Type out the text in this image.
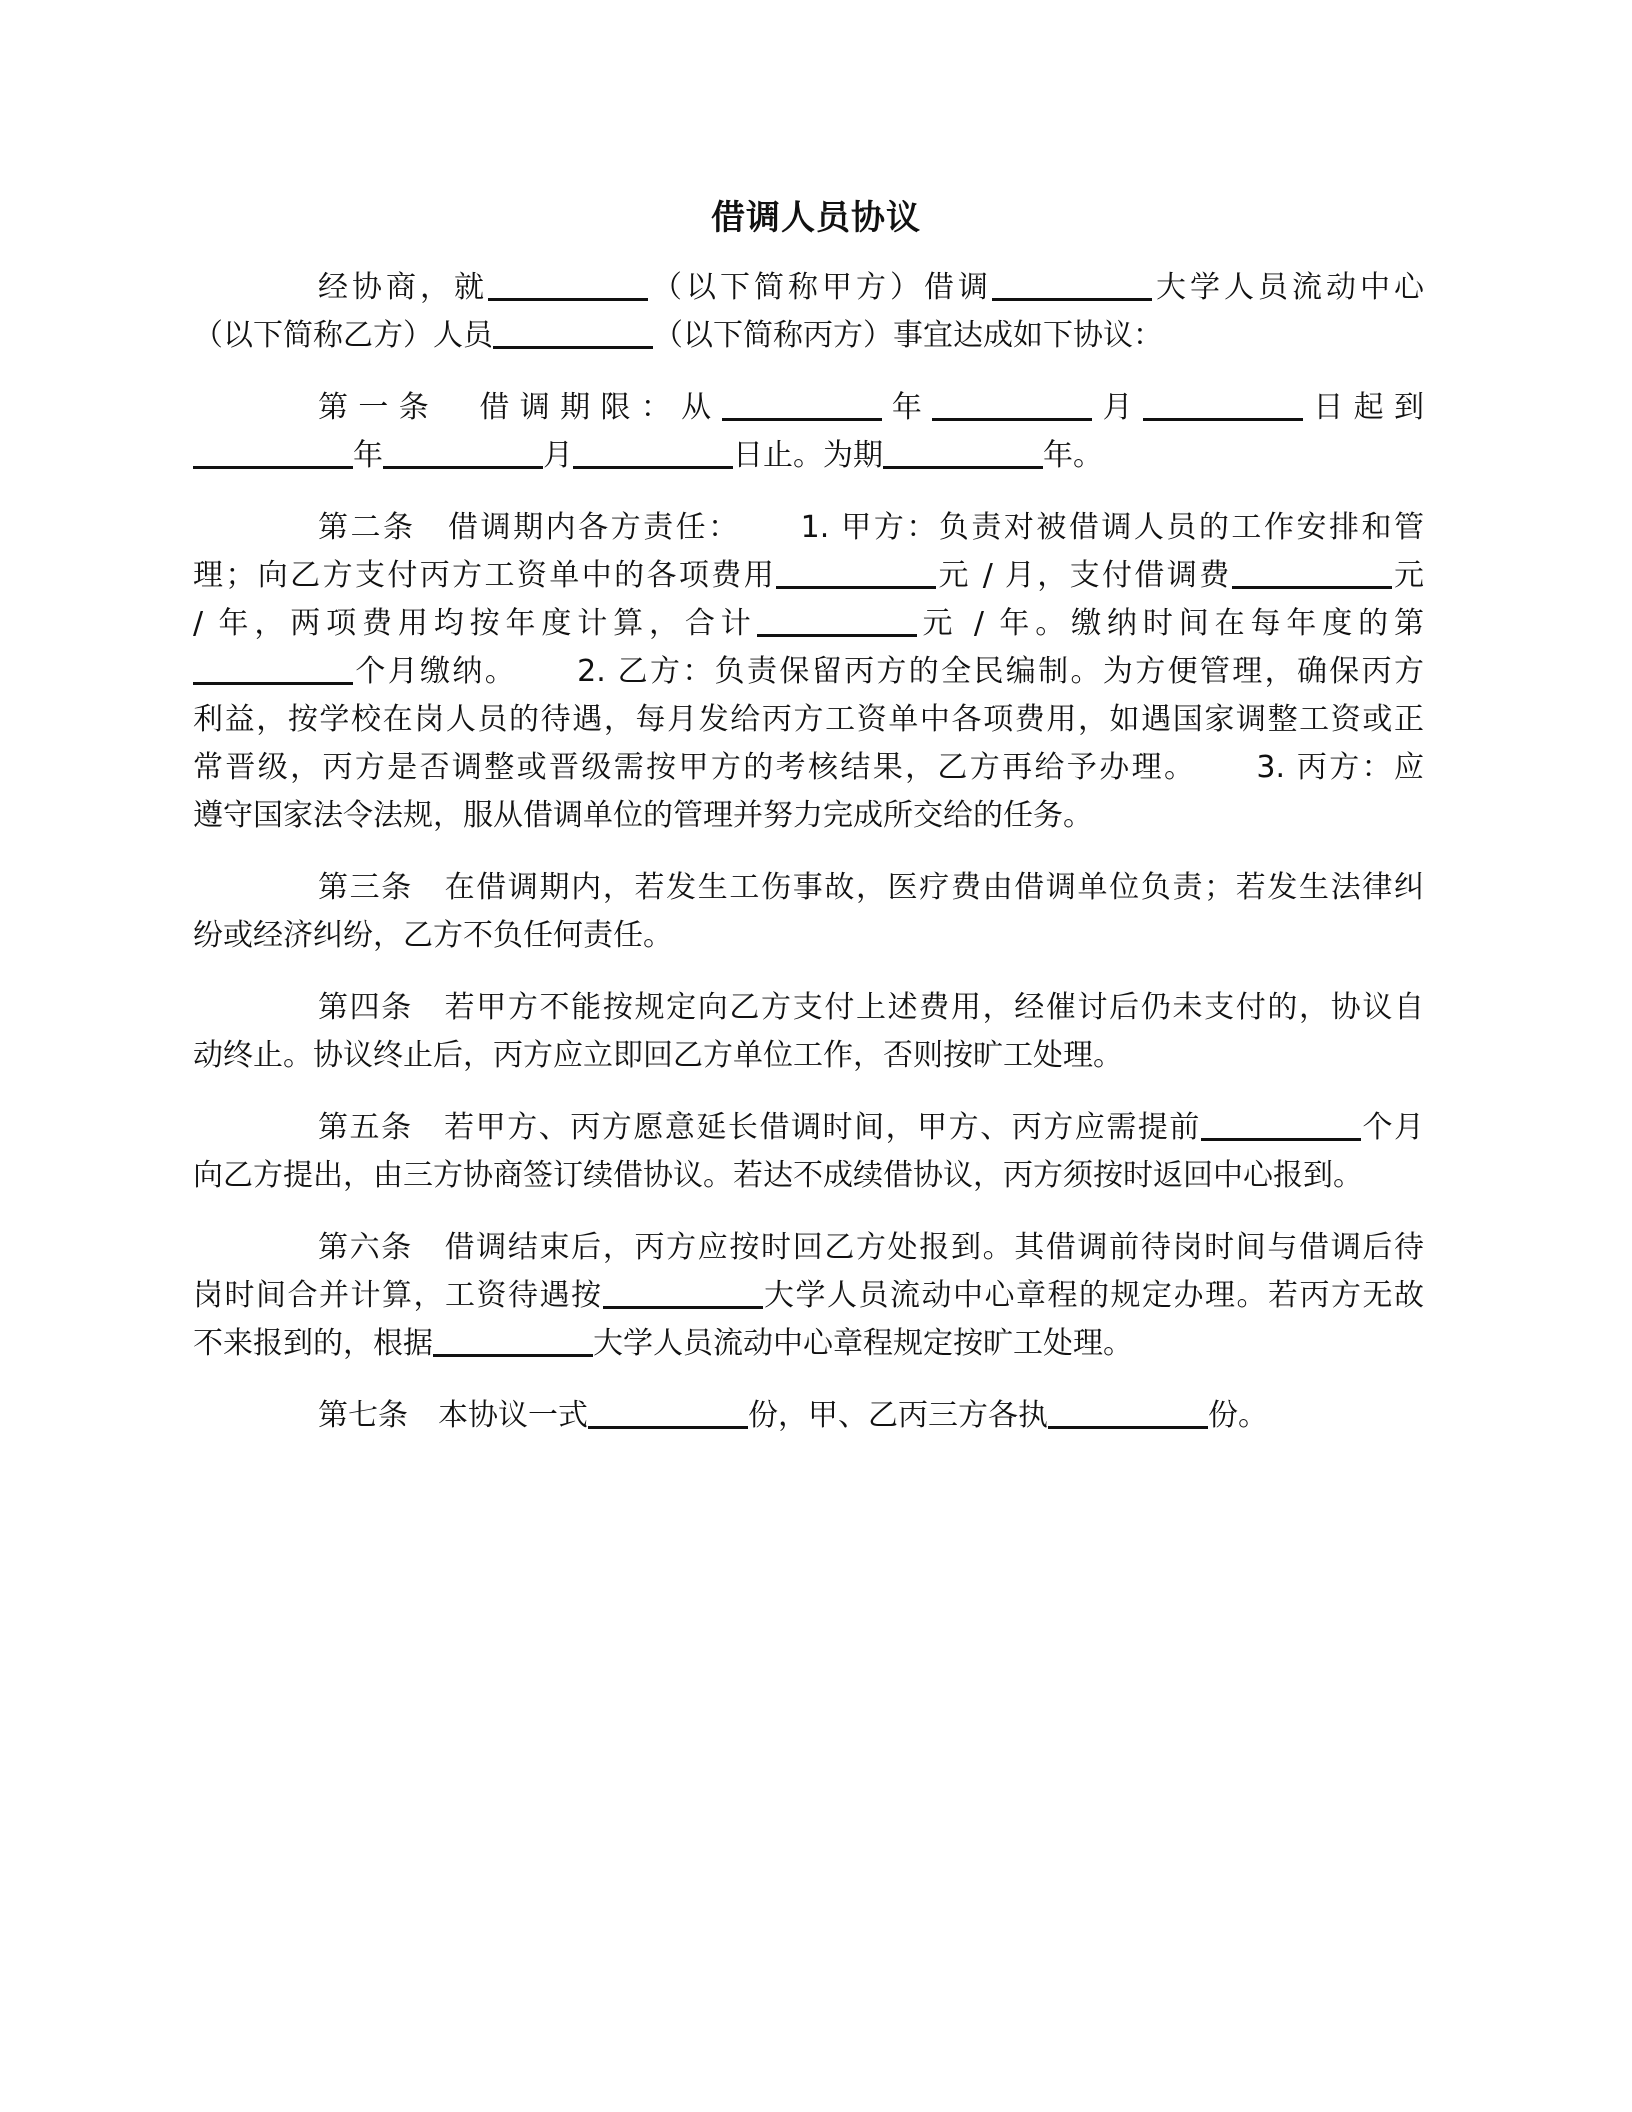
借调人员协议
经协商，就	（以下简称甲方）借调	大学人员流动中心
（以下简称乙方）人员	（以下简称丙方）事宜达成如下协议：
第一条　借调期限：从	年	月	日起到
年	月	日止。为期	年。
第二条　借调期内各方责任： 1. 甲方：负责对被借调人员的工作安排和管
理；向乙方支付丙方工资单中的各项费用	元 / 月，支付借调费	元
/ 年，两项费用均按年度计算，合计	元 / 年。缴纳时间在每年度的第
个月缴纳。 2. 乙方：负责保留丙方的全民编制。为方便管理，确保丙方
利益，按学校在岗人员的待遇，每月发给丙方工资单中各项费用，如遇国家调整工资或正
常晋级，丙方是否调整或晋级需按甲方的考核结果，乙方再给予办理。 3. 丙方：应
遵守国家法令法规，服从借调单位的管理并努力完成所交给的任务。
第三条　在借调期内，若发生工伤事故，医疗费由借调单位负责；若发生法律纠
纷或经济纠纷，乙方不负任何责任。
第四条　若甲方不能按规定向乙方支付上述费用，经催讨后仍未支付的，协议自
动终止。协议终止后，丙方应立即回乙方单位工作，否则按旷工处理。
第五条　若甲方、丙方愿意延长借调时间，甲方、丙方应需提前	个月
向乙方提出，由三方协商签订续借协议。若达不成续借协议，丙方须按时返回中心报到。
第六条　借调结束后，丙方应按时回乙方处报到。其借调前待岗时间与借调后待
岗时间合并计算，工资待遇按	大学人员流动中心章程的规定办理。若丙方无故
不来报到的，根据	大学人员流动中心章程规定按旷工处理。
第七条　本协议一式	份，甲、乙丙三方各执	份。
